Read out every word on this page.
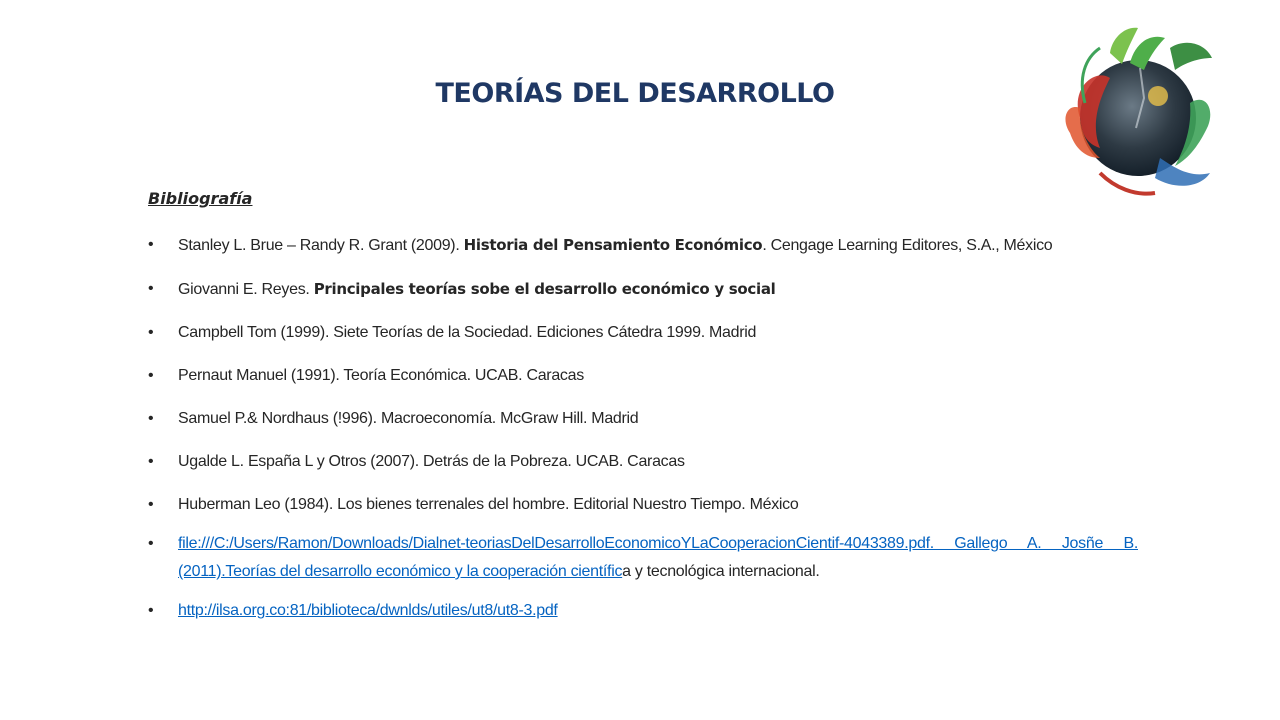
TEORÍAS DEL DESARROLLO
Bibliografía
• Stanley L. Brue – Randy R. Grant (2009). Historia del Pensamiento Económico. Cengage Learning Editores, S.A., México
• Giovanni E. Reyes. Principales teorías sobe el desarrollo económico y social
• Campbell Tom (1999). Siete Teorías de la Sociedad. Ediciones Cátedra 1999. Madrid
• Pernaut Manuel (1991). Teoría Económica. UCAB. Caracas
• Samuel P.& Nordhaus (!996). Macroeconomía. McGraw Hill. Madrid
• Ugalde L. España L y Otros (2007). Detrás de la Pobreza. UCAB. Caracas
• Huberman Leo (1984). Los bienes terrenales del hombre. Editorial Nuestro Tiempo. México
• file:///C:/Users/Ramon/Downloads/Dialnet-teoriasDelDesarrolloEconomicoYLaCooperacionCientif-4043389.pdf. Gallego A. Josñe B. (2011).Teorías del desarrollo económico y la cooperación científica y tecnológica internacional.
• http://ilsa.org.co:81/biblioteca/dwnlds/utiles/ut8/ut8-3.pdf
